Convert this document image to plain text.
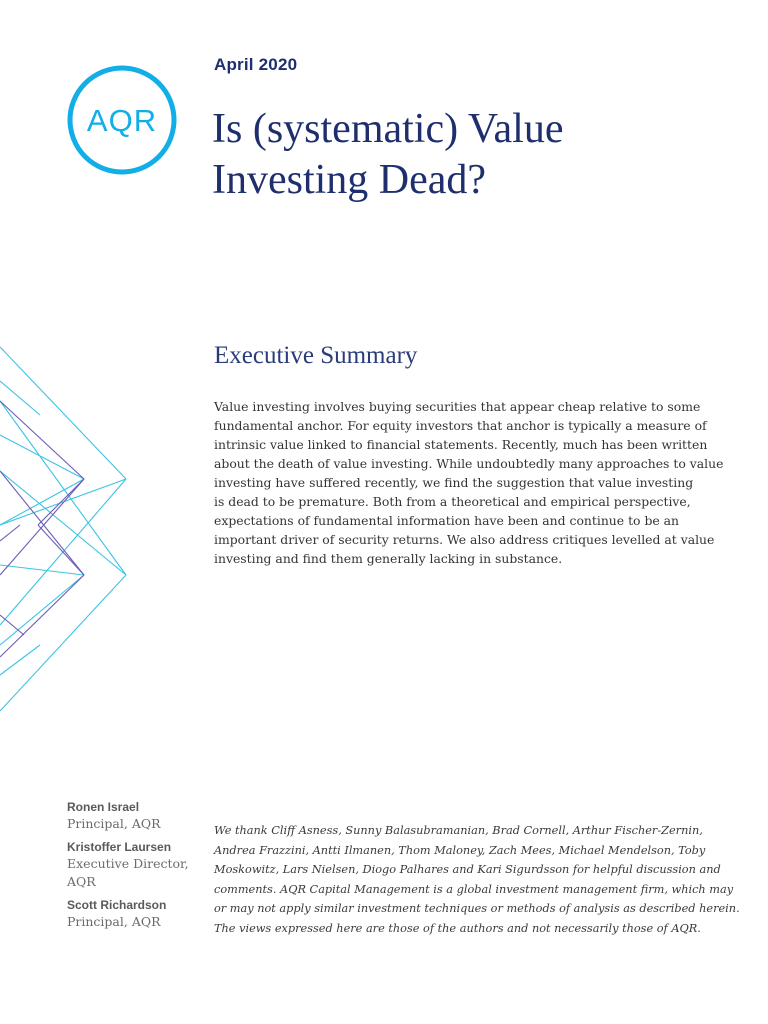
AQR
April 2020
Is (systematic) Value
Investing Dead?
Executive Summary
Value investing involves buying securities that appear cheap relative to some
fundamental anchor. For equity investors that anchor is typically a measure of
intrinsic value linked to financial statements. Recently, much has been written
about the death of value investing. While undoubtedly many approaches to value
investing have suffered recently, we find the suggestion that value investing
is dead to be premature. Both from a theoretical and empirical perspective,
expectations of fundamental information have been and continue to be an
important driver of security returns. We also address critiques levelled at value
investing and find them generally lacking in substance.
Ronen Israel
Principal, AQR
Kristoffer Laursen
Executive Director,
AQR
Scott Richardson
Principal, AQR
We thank Cliff Asness, Sunny Balasubramanian, Brad Cornell, Arthur Fischer-Zernin,
Andrea Frazzini, Antti Ilmanen, Thom Maloney, Zach Mees, Michael Mendelson, Toby
Moskowitz, Lars Nielsen, Diogo Palhares and Kari Sigurdsson for helpful discussion and
comments. AQR Capital Management is a global investment management firm, which may
or may not apply similar investment techniques or methods of analysis as described herein.
The views expressed here are those of the authors and not necessarily those of AQR.
